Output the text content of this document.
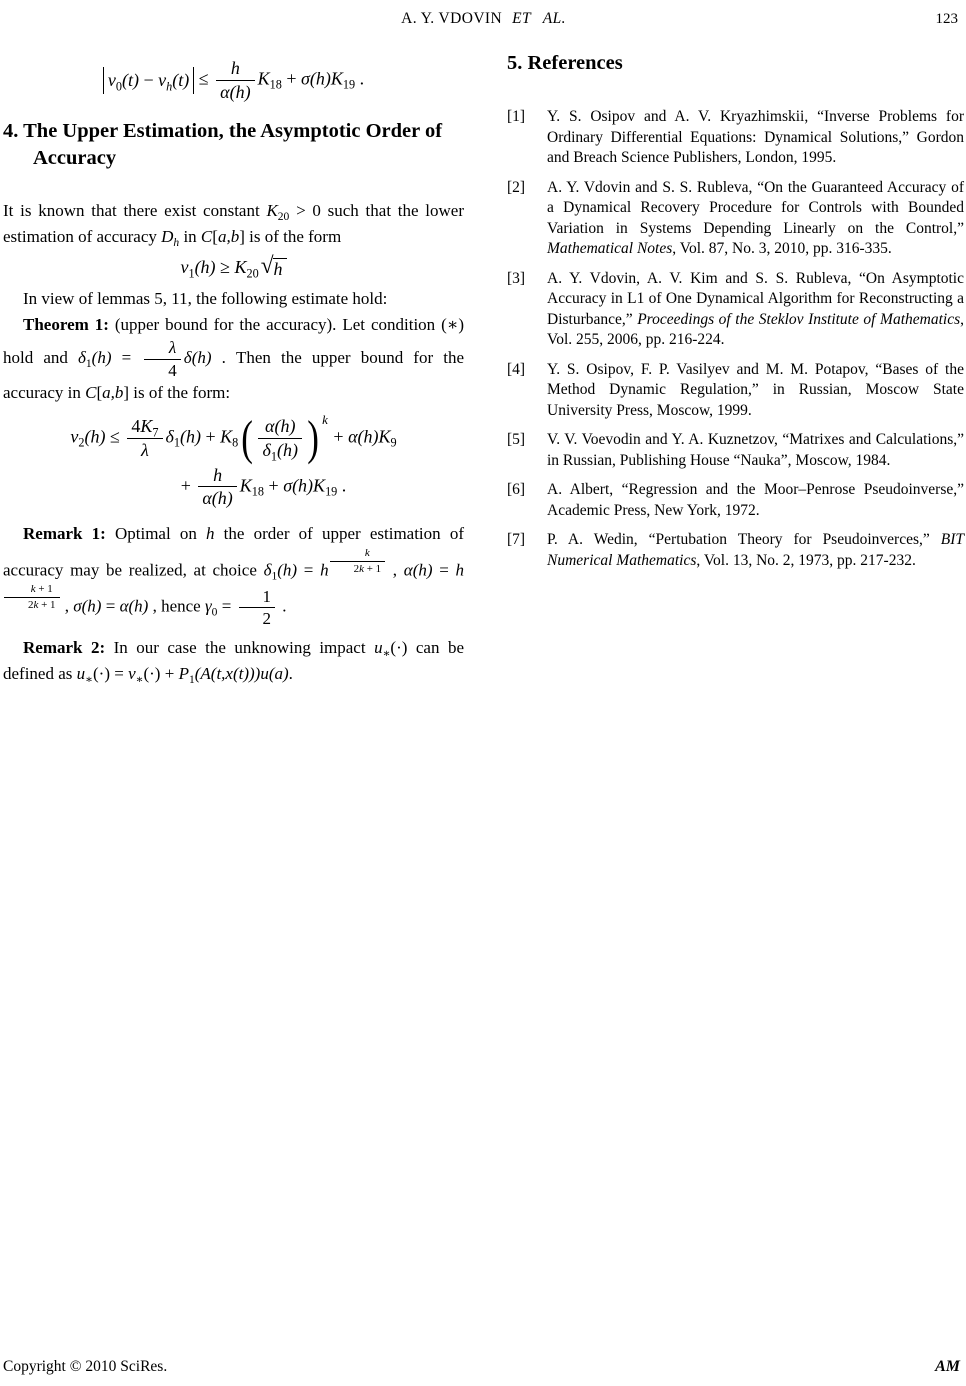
A. Y. VDOVIN ET AL.	123
$v_0(t) - v_h(t) \le \frac{h}{\alpha(h)} K_{18} + \sigma(h)K_{19}$ .
4. The Upper Estimation, the Asymptotic Order of Accuracy

It is known that there exist constant $K_{20} > 0$ such that the lower estimation of accuracy $D_h$ in C[a,b] is of the form

$v_1(h) \ge K_{20}$ √ h

In view of lemmas 5, 11, the following estimate hold:

Theorem 1: (upper bound for the accuracy). Let condition (∗) hold and $\delta_1(h) = \frac{\lambda}{4} \delta(h)$ . Then the upper bound for the accuracy in C[a,b] is of the form:

$v_2(h) \le \frac{4K_7}{\lambda} \delta_1(h) + K_8$ ( $\frac{\alpha(h)}{\delta_1(h)}$ ) k
+ $\alpha(h)K_9$
+ $\frac{h}{\alpha(h)} K_{18} + \sigma(h)K_{19}$ .

Remark 1: Optimal on h the order of upper estimation of accuracy may be realized, at choice $\delta_1(h) = h$ $^{\frac{k}{2k + 1}}$ , α(h) = h
$^{\frac{k + 1}{2k + 1}}$ , σ(h) = α(h) , hence $\gamma_0 = \frac{1}{2}$ .

Remark 2: In our case the unknowing impact $u_∗(\cdot)$ can be defined as $u_∗(\cdot) = v_∗(\cdot) + P_1(A(t,x(t)))u(a)$.

5. References
[1]	Y. S. Osipov and A. V. Kryazhimskii, “Inverse Problems for Ordinary Differential Equations: Dynamical Solutions,” Gordon and Breach Science Publishers, London, 1995.
[2]	A. Y. Vdovin and S. S. Rubleva, “On the Guaranteed Accuracy of a Dynamical Recovery Procedure for Controls with Bounded Variation in Systems Depending Linearly on the Control,” Mathematical Notes, Vol. 87, No. 3, 2010, pp. 316-335.
[3]	A. Y. Vdovin, A. V. Kim and S. S. Rubleva, “On Asymptotic Accuracy in L1 of One Dynamical Algorithm for Reconstructing a Disturbance,” Proceedings of the Steklov Institute of Mathematics, Vol. 255, 2006, pp. 216-224.
[4]	Y. S. Osipov, F. P. Vasilyev and M. M. Potapov, “Bases of the Method Dynamic Regulation,” in Russian, Moscow State University Press, Moscow, 1999.
[5]	V. V. Voevodin and Y. A. Kuznetzov, “Matrixes and Calculations,” in Russian, Publishing House “Nauka”, Moscow, 1984.
[6]	A. Albert, “Regression and the Moor–Penrose Pseudoinverse,” Academic Press, New York, 1972.
[7]	P. A. Wedin, “Pertubation Theory for Pseudoinverces,” BIT Numerical Mathematics, Vol. 13, No. 2, 1973, pp. 217-232.
Copyright © 2010 SciRes.	AM
